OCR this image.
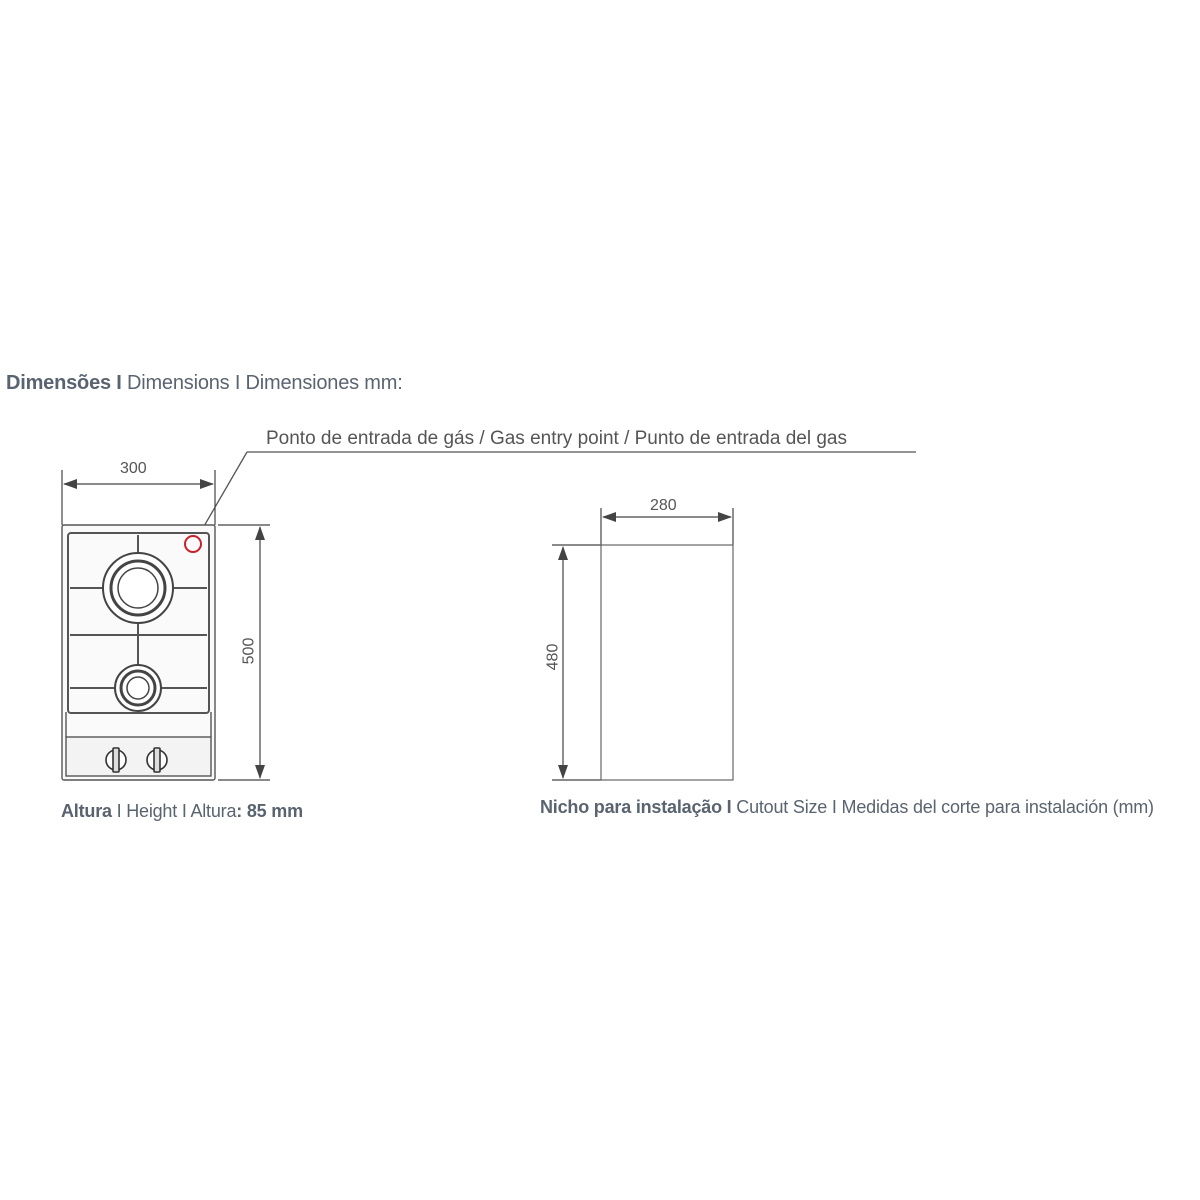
Dimensões I Dimensions I Dimensiones mm:
Ponto de entrada de gás / Gas entry point / Punto de entrada del gas
300
500
280
480
Altura I Height I Altura: 85 mm	Nicho para instalação I Cutout Size I Medidas del corte para instalación (mm)
